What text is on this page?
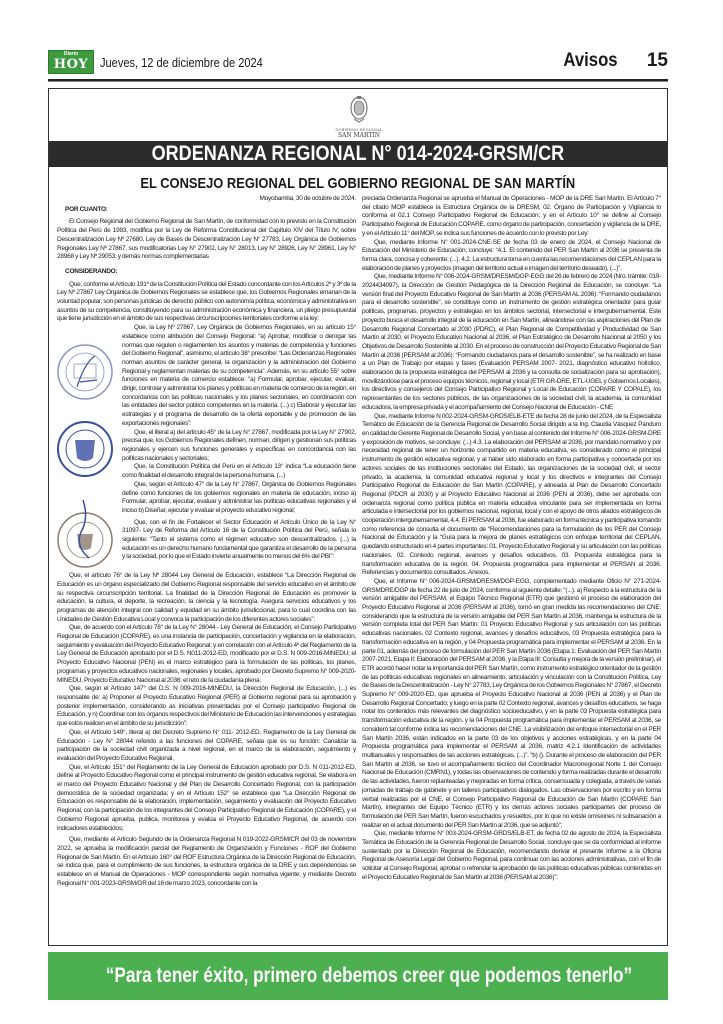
Diario
HOY Jueves, 12 de diciembre de 2024	Avisos 15
GOBIERNO REGIONAL
SAN MARTÍN
ORDENANZA REGIONAL N° 014-2024-GRSM/CR
EL CONSEJO REGIONAL DEL GOBIERNO REGIONAL DE SAN MARTÍN

Moyobamba, 30 de octubre de 2024.

POR CUANTO:

El Consejo Regional del Gobierno Regional de San Martín, de conformidad con lo previsto en la Constitución Política del Perú de 1993, modifica por la Ley de Reforma Constitucional del Capítulo XIV del Título IV, sobre Descentralización Ley Nº 27680, Ley de Bases de Descentralización Ley N° 27783, Ley Orgánica de Gobiernos Regionales Ley Nº 27867, sus modificatorias Ley N° 27902, Ley N° 28013, Ley N° 28926, Ley N° 28961, Ley N° 28968 y Ley Nº 29053, y demás normas complementarias

CONSIDERANDO:

Que, conforme el Artículo 191º de la Constitución Política del Estado concordante con los Artículos 2º y 3º de la Ley Nº 27867 Ley Orgánica de Gobiernos Regionales se establece que, los Gobiernos Regionales emanan de la voluntad popular, son personas jurídicas de derecho público con autonomía política, económica y administrativa en asuntos de su competencia, constituyendo para su administración económica y financiera, un pliego presupuestal que tiene jurisdicción en el ámbito de sus respectivas circunscripciones territoriales conforme a la ley:

Que, la Ley Nº 27867, Ley Orgánica de Gobiernos Regionales, en su artículo 15° establece como atribución del Consejo Regional: “a) Aprobar, modificar o derogar las normas que regulen o reglamenten los asuntos y materias de competencia y funciones del Gobierno Regional”, asimismo, el artículo 38° prescribe: “Las Ordenanzas Regionales norman asuntos de carácter general, la organización y la administración del Gobierno Regional y reglamentan materias de su competencia”. Además, en su artículo 55° sobre funciones en materia de comercio establece: “a) Formular, aprobar, ejecutar, evaluar, dirigir, controlar y administrar los planes y políticas en materia de comercio de la región, en concordancia con las políticas nacionales y los planes sectoriales, en coordinación con las entidades del sector público competentes en la materia. (...) c) Elaborar y ejecutar las estrategias y el programa de desarrollo de la oferta exportable y de promoción de las exportaciones regionales”:

Que, el literal a) del artículo 45° de la Ley N° 27867, modificada por la Ley N° 27902, precisa que, los Gobiernos Regionales definen, norman, dirigen y gestionan sus políticas regionales y ejercen sus funciones generales y específicas en concordancia con las políticas nacionales y sectoriales;

Que, la Constitución Política del Perú en el Artículo 13° indica “La educación tiene como finalidad el desarrollo integral de la persona humana. (...)

Que, según el Artículo 47° de la Ley N° 27867, Orgánica de Gobiernos Regionales define como funciones de los gobiernos regionales en materia de educación, inciso a) Formular, aprobar, ejecutar, evaluar y administrar las políticas educativas regionales y el inciso b) Diseñar, ejecutar y evaluar el proyecto educativo regional;

Que, con el fin de Fortalecer el Sector Educación el Artículo Único de la Ley N° 31097- Ley de Reforma del Artículo 16 de la Constitución Política del Perú, señala lo siguiente: “Tanto el sistema como el régimen educativo son descentralizados. (...) la educación es un derecho humano fundamental que garantiza el desarrollo de la persona y la sociedad, por lo que el Estado invierte anualmente no menos del 6% del PBI”:

Que, el artículo 76° de la Ley Nº 28044 Ley General de Educación, establece “La Dirección Regional de Educación es un órgano especializado del Gobierno Regional responsable del servicio educativo en el ámbito de su respectiva circunscripción territorial. La finalidad de la Dirección Regional de Educación es promover la educación, la cultura, el deporte, la recreación, la ciencia y la tecnología. Asegura servicios educativos y los programas de atención integral con calidad y equidad en su ámbito jurisdiccional, para lo cual coordina con las Unidades de Gestión Educativa Local y convoca la participación de los diferentes actores sociales”:

Que, de acuerdo con el Artículo 78° de la Ley N° 28044 - Ley General de Educación, el Consejo Participativo Regional de Educación (COPARE), es una instancia de participación, concertación y vigilancia en la elaboración, seguimiento y evaluación del Proyecto Educativo Regional; y en correlación con el Artículo 4º del Reglamento de la Ley General de Educación aprobado por el D.S. N011-2012-ED, modificado por el D.S. N 009-2016-MINEDU; el Proyecto Educativo Nacional (PEN) es el marco estratégico para la formulación de las políticas, los planes, programas y proyectos educativos nacionales, regionales y locales, aprobado por Decreto Supremo N° 009-2020-MINEDU, Proyecto Educativo Nacional al 2036: el reto de la ciudadanía plena:

Que, según el Artículo 147° del D.S. N 009-2016-MINEDU, la Dirección Regional de Educación, (...) es responsable de: a) Proponer el Proyecto Educativo Regional (PER) al Gobierno regional para su aprobación y posterior implementación, considerando as iniciativas presentadas por el Consejo participativo Regional de Educación, y n) Coordinar con los órganos respectivos del Ministerio de Educación las intervenciones y estrategias que estos realicen en el ámbito de su jurisdicción”:

Que, el Artículo 149°, literal a) del Decreto Supremo N° 011- 2012-ED, Reglamento de la Ley General de Educación - Ley N° 28044 referido a las funciones del COPARE, señala que es su función: Canalizar la participación de la sociedad civil organizada a nivel regional, en el marco de la elaboración, seguimiento y evaluación del Proyecto Educativo Regional,

Que, el Artículo 151° del Reglamento de la Ley General de Educación aprobado por D.S. N 011-2012-ED, define al Proyecto Educativo Regional como el principal instrumento de gestión educativa regional. Se elabora en el marco del Proyecto Educativo Nacional y del Plan de Desarrollo Concertado Regional, con la participación democrática de la sociedad organizada; y en el Artículo 152° se establece que “La Dirección Regional de Educación es responsable de la elaboración, implementación, seguimiento y evaluación del Proyecto Educativo Regional, con la participación de los integrantes del Consejo Participativo Regional de Educación (COPARE), y el Gobierno Regional aprueba, publica, monitorea y evalúa el Proyecto Educativo Regional, de acuerdo con indicadores establecidos;

Que, mediante el Artículo Segundo de la Ordenanza Regional N 019-2022-GRSM/CR del 03 de noviembre 2022, se aprueba la modificación parcial del Reglamento de Organización y Funciones - ROF del Gobierno Regional de San Martín. En el Artículo 160° del ROF Estructura Orgánica de la Dirección Regional de Educación, se indica que, para el cumplimiento de sus funciones, la estructura orgánica de la DRE y sus dependencias se establece en el Manual de Operaciones - MOP correspondiente según normativa vigente; y mediante Decreto Regional N° 001-2023-GRSM/GR del 16 de marzo 2023, concordante con la

preciada Ordenanza Regional se aprueba el Manual de Operaciones - MOP de la DRE San Martín. El Artículo 7° del citado MOP establece la Estructura Orgánica de la DRESM, 02. Órgano de Participación y Vigilancia lo conforma el 02.1 Consejo Participativo Regional de Educación; y en el Artículo 10° se define al Consejo Participativo Regional de Educación COPARE, como órgano de participación, concertación y vigilancia de la DRE, y en el Artículo 11° del MOP, se indica sus funciones de acuerdo con lo previsto por Ley:

Que, mediante Informe N° 001-2024-CNE-SE de fecha 03 de enero de 2024, el Consejo Nacional de Educación del Ministerio de Educación, concluye: “4.1. El contenido del PER San Martín al 2036 se presenta de forma clara, concisa y coherente; (...). 4.2. La estructura toma en cuenta las recomendaciones del CEPLAN para la elaboración de planes y proyectos (imagen del territorio actual e imagen del territorio deseado), (...)”.

Que, mediante Informe N° 006-2024-GRSM/DRESM/DGP-EGG del 26 de febrero de 2024 (Nro. trámite: 019-2024434097), la Dirección de Gestión Pedagógica de la Dirección Regional de Educación, se concluye: “La versión final del Proyecto Educativo Regional de San Martín al 2036 (PERSAM AL 2036): “Formando ciudadanos para el desarrollo sostenible”, se constituye como un instrumento de gestión estratégica orientador para guiar políticas, programas, proyectos y estrategias en los ámbitos sectorial, intersectorial e intergubernamental. Este proyecto busca el desarrollo integral de la educación en San Martín, alineándose con las aspiraciones del Plan de Desarrollo Regional Concertado al 2030 (PDRC), el Plan Regional de Competitividad y Productividad de San Martín al 2030, el Proyecto Educativo Nacional al 2036, el Plan Estratégico de Desarrollo Nacional al 2050 y los Objetivos de Desarrollo Sostenible al 2030. En el proceso de construcción del Proyecto Educativo Regional de San Martín al 2036 (PERSAM al 2036): “Formando ciudadanos para el desarrollo sostenible”, se ha realizado en base a un Plan de Trabajo por etapas y fases (Evaluación PERSAM 2007- 2021, diagnóstico educativo holístico, elaboración de la propuesta estratégica del PERSAM al 2036 y la consulta de socialización para su aprobación), movilizándose para el proceso equipos técnicos, regional y local (ETR GR-DRE, ETL-UGEL y Gobiernos Locales), los directivos y consejeros del Consejo Participativo Regional y Local de Educación (COPARE Y COPALE), los representantes de los sectores públicos, de las organizaciones de la sociedad civil, la academia, la comunidad educadora, la empresa privada y el acompañamiento del Consejo Nacional de Educación - CNE

Que, mediante Informe N 002-2024-GRSM-GRDS/ELB-ETE de fecha 28 de junio del 2024, de la Especialista Temático de Educación de la Gerencia Regional de Desarrollo Social dirigido a la Ing. Claudia Vásquez Panduro en calidad de Gerente Regional de Desarrollo Social, y en base al contenido del Informe N° 006-2024-GRSM-DRE y exposición de motivos, se concluye: (...) 4.3. La elaboración del PERSAM al 2036, por mandato normativo y por necesidad regional de tener un horizonte compartido en materia educativa, es considerado como el principal instrumento de gestión educativa regional, y al haber sido elaborado en forma participativa y concertada por los actores sociales de las instituciones sectoriales del Estado, las organizaciones de la sociedad civil, el sector privado, la academia, la comunidad educativa regional y local y los directivos e integrantes del Consejo Participativo Regional de Educación de San Martín (COPARE), y alineada al Plan de Desarrollo Concertado Regional (PDCR al 2030) y al Proyecto Educativo Nacional al 2036 (PEN al 2036), debe ser aprobada con ordenanza regional como política pública en materia educativa vinculante para ser implementada en forma articulada e intersectorial por los gobiernos nacional, regional, local y con el apoyo de otros aliados estratégicos de cooperación intergubernamental, 4.4. El PERSAM al 2036, fue elaborado en forma técnica y participativa tomando como referencia de consulta el documento de “Recomendaciones para la formulación de los PER del Consejo Nacional de Educación y la “Guía para la mejora de planes estratégicos con enfoque territorial del CEPLAN, quedando estructurado en 4 partes importantes: 01. Proyecto Educativo Regional y su articulación con las políticas nacionales. 02. Contexto regional, avances y desafíos educativos. 03. Propuesta estratégica para la transformación educativa de la región. 04. Propuesta programática para implementar el PERSAN al 2036. Referencias y documentos consultados. Anexos,

Que, el Informe N° 006-2024-GRSM/DRESM/DGP-EGG, complementado mediante Oficio N° 271-2024-GRSMDRE/DGP de fecha 22 de julio de 2024, conforme al siguiente detalle: “(...). a) Respecto a la estructura de la versión amigable del PERSAM, el Equipo Técnico Regional (ETR) que gestionó el proceso de elaboración del Proyecto Educativo Regional al 2036 (PERSAM al 2036), tomó en gran medida las recomendaciones del CNE: considerando que la estructura de la versión amigable del PER San Martín al 2036, mantenga la estructura de la versión completa total del PER San Martín: 01 Proyecto Educativo Regional y sus articulación con las políticas educativas nacionales, 02 Contexto regional, avances y desafíos educativos, 03 Propuesta estratégica para la transformación educativa en la región, y 04 Propuesta programática para implementar el PERSAM al 2036. En la parte 01, además del proceso de formulación del PER San Martín 2036 (Etapa 1: Evaluación del PER San Martín 2007-2021, Etapa II: Elaboración del PERSAM al 2036, y la Etapa III: Consulta y mejora de la versión preliminar), el ETR acordó hacer notar la importancia del PER San Martín, como instrumento estratégico orientador de la gestión de las políticas educativas regionales en alineamiento, articulación y vinculación con la Constitución Política, Ley de Bases de la Descentralización - Ley N° 27783, Ley Orgánica de los Gobiernos Regionales N° 27867, el Decreto Supremo N° 009-2020-ED, que aprueba el Proyecto Educativo Nacional al 2036 (PEN al 2036) y el Plan de Desarrollo Regional Concertado; y luego en la parte 02 Contexto regional, avances y desafíos educativos, se haga notar los contenidos más relevantes del diagnóstico socioeducativo, y en la parte 03 Propuesta estratégica para transformación educativa de la región, y la 04 Propuesta programática para implementar el PERSAM al 2036, se consideró tal conforme indica las recomendaciones del CNE. La visibilización del enfoque intersectorial en el PER San Martín 2036, están indicados en la parte 03 de los objetivos y acciones estratégicas, y en la parte 04 Propuesta programática para implementar el PERSAM al 2036, matriz 4.2.1 Identificación de actividades multianuales y responsables de las acciones estratégicas. (...)”. “b) (). Durante el proceso de elaboración del PER San Martín al 2036, se tuvo el acompañamiento técnico del Coordinador Macrorregional Norte 1 del Consejo Nacional de Educación (CMRN1), y todas las observaciones de contenido y forma realizadas durante el desarrollo de las actividades, fueron replanteadas y mejoradas en forma crítica, consensuada y colegiada, a través de varias jornadas de trabajo de gabinete y en talleres participativos dialogados. Las observaciones por escrito y en forma verbal realizadas por el CNE, el Consejo Participativo Regional de Educación de San Martín (COPARE San Martín), integrantes del Equipo Técnico (ETR) y los demás actores sociales participantes del proceso de formulación del PER San Martín, fueron escuchados y resueltos, por lo que no existe omisiones ni subsanación a realizar en el actual documento del PER San Martín al 2036, que se adjuntó”;

Que, mediante Informe N° 003-2024-GRSM-GRDS/ELB-ET, de fecha 02 de agosto de 2024, la Especialista Temática de Educación de la Gerencia Regional de Desarrollo Social, concluye que se da conformidad al informe sustentado por la Dirección Regional de Educación, recomendando derivar el presente Informe a la Oficina Regional de Asesoría Legal del Gobierno Regional, para continuar con las acciones administrativas, con el fin de solicitar al Consejo Regional, aprobar o refrendar la aprobación de las políticas educativas públicas contenidas en el Proyecto Educativo Regional de San Martín al 2036 (PERSAM al 2036)”;

“Para tener éxito, primero debemos creer que podemos tenerlo”
